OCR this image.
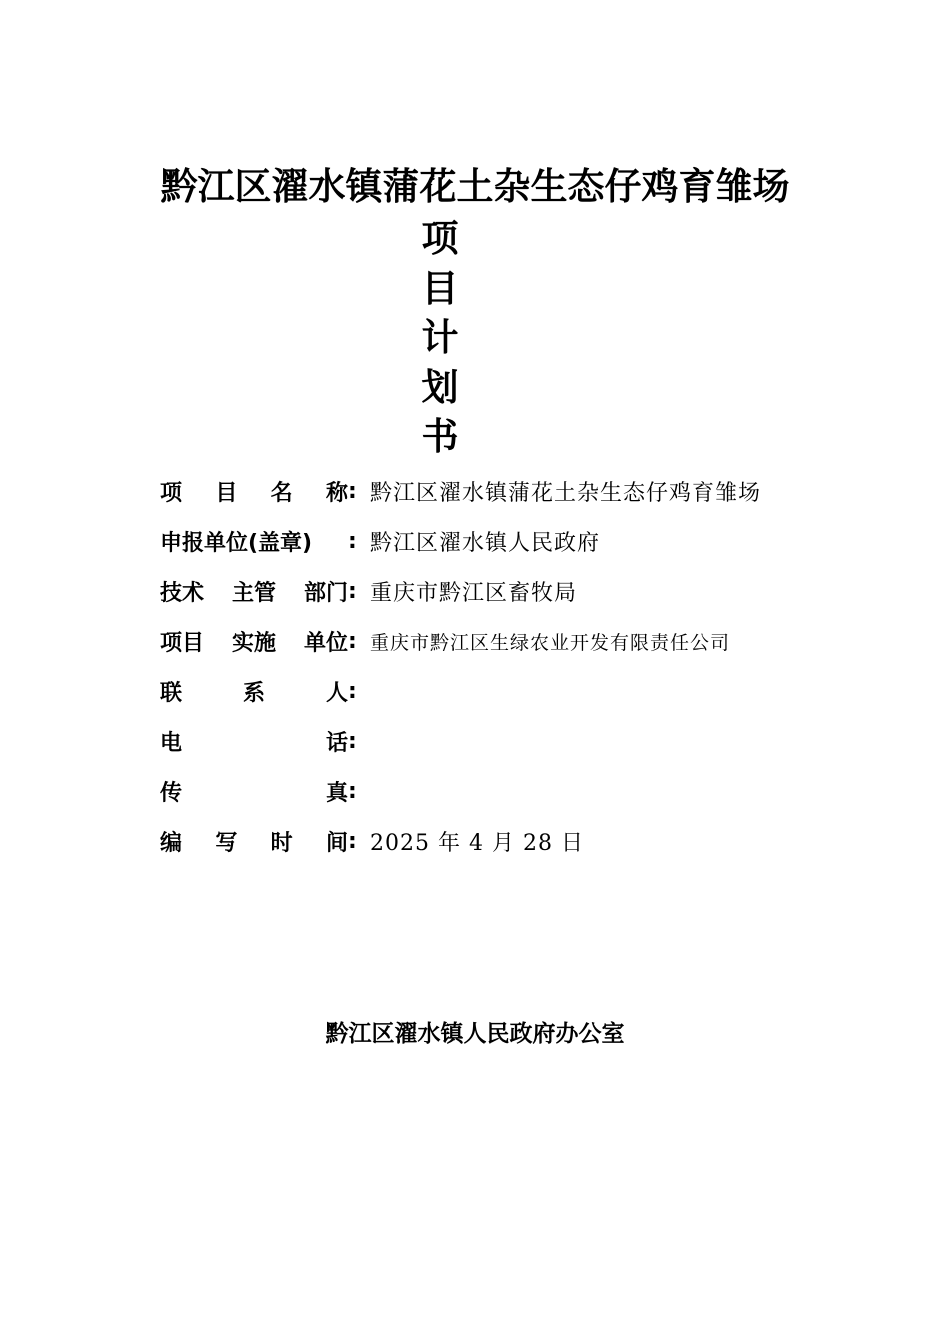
黔江区濯水镇蒲花土杂生态仔鸡育雏场
项
目
计
划
书
项 目 名 称 : 黔江区濯水镇蒲花土杂生态仔鸡育雏场
申报单位(盖章)	: 黔江区濯水镇人民政府
技术 主管 部门 : 重庆市黔江区畜牧局
项目 实施 单位 : 重庆市黔江区生绿农业开发有限责任公司
联	系	人 :
电	话 :
传	真 :
编 写 时 间 : 2025 年 4 月 28 日
黔江区濯水镇人民政府办公室
